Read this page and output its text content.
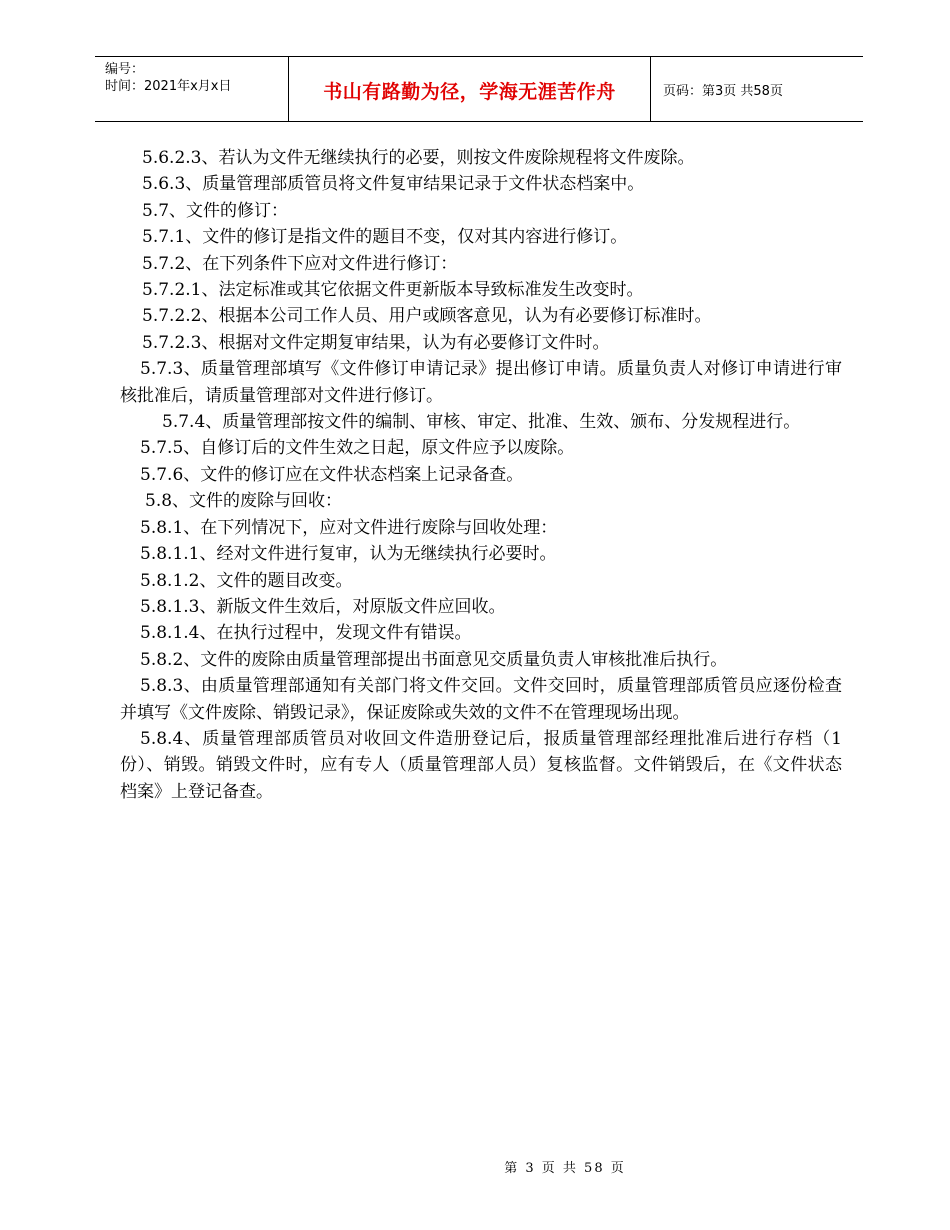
编号：
时间：2021年x月x日	书山有路勤为径，学海无涯苦作舟	页码：第3页 共58页

5.6.2.3、若认为文件无继续执行的必要，则按文件废除规程将文件废除。

5.6.3、质量管理部质管员将文件复审结果记录于文件状态档案中。

5.7、文件的修订：

5.7.1、文件的修订是指文件的题目不变，仅对其内容进行修订。

5.7.2、在下列条件下应对文件进行修订：

5.7.2.1、法定标准或其它依据文件更新版本导致标准发生改变时。

5.7.2.2、根据本公司工作人员、用户或顾客意见，认为有必要修订标准时。

5.7.2.3、根据对文件定期复审结果，认为有必要修订文件时。

5.7.3、质量管理部填写《文件修订申请记录》提出修订申请。质量负责人对修订申请进行审核批准后，请质量管理部对文件进行修订。

5.7.4、质量管理部按文件的编制、审核、审定、批准、生效、颁布、分发规程进行。

5.7.5、自修订后的文件生效之日起，原文件应予以废除。

5.7.6、文件的修订应在文件状态档案上记录备查。

5.8、文件的废除与回收：

5.8.1、在下列情况下，应对文件进行废除与回收处理：

5.8.1.1、经对文件进行复审，认为无继续执行必要时。

5.8.1.2、文件的题目改变。

5.8.1.3、新版文件生效后，对原版文件应回收。

5.8.1.4、在执行过程中，发现文件有错误。

5.8.2、文件的废除由质量管理部提出书面意见交质量负责人审核批准后执行。

5.8.3、由质量管理部通知有关部门将文件交回。文件交回时，质量管理部质管员应逐份检查并填写《文件废除、销毁记录》，保证废除或失效的文件不在管理现场出现。

5.8.4、质量管理部质管员对收回文件造册登记后，报质量管理部经理批准后进行存档（1份）、销毁。销毁文件时，应有专人（质量管理部人员）复核监督。文件销毁后，在《文件状态档案》上登记备查。

第 3 页 共 58 页
